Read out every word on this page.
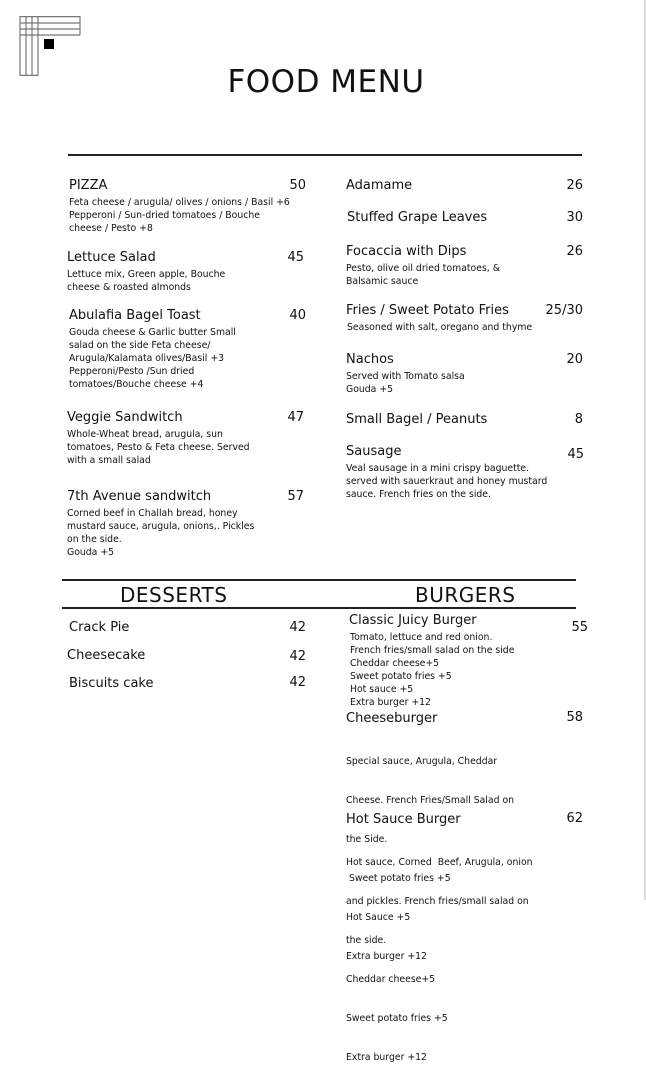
FOOD MENU
PIZZA
Feta cheese / arugula/ olives / onions / Basil +6
Pepperoni / Sun-dried tomatoes / Bouche
cheese / Pesto +8
50
Lettuce Salad
Lettuce mix, Green apple, Bouche
cheese & roasted almonds
45
Abulafia Bagel Toast
Gouda cheese & Garlic butter Small
salad on the side Feta cheese/
Arugula/Kalamata olives/Basil +3
Pepperoni/Pesto /Sun dried
tomatoes/Bouche cheese +4
40
Veggie Sandwitch
Whole-Wheat bread, arugula, sun
tomatoes, Pesto & Feta cheese. Served
with a small salad
47
7th Avenue sandwitch
Corned beef in Challah bread, honey
mustard sauce, arugula, onions,. Pickles
on the side.
Gouda +5
57
Adamame	26
Stuffed Grape Leaves	30
Focaccia with Dips
Pesto, olive oil dried tomatoes, &
Balsamic sauce
26
Fries / Sweet Potato Fries
Seasoned with salt, oregano and thyme
25/30
Nachos
Served with Tomato salsa
Gouda +5
20
Small Bagel / Peanuts	8
Sausage
Veal sausage in a mini crispy baguette.
served with sauerkraut and honey mustard
sauce. French fries on the side.
45
DESSERTS	BURGERS
Crack Pie	42
Cheesecake	42
Biscuits cake	42
Classic Juicy Burger
Tomato, lettuce and red onion.
French fries/small salad on the side
Cheddar cheese+5
Sweet potato fries +5
Hot sauce +5
Extra burger +12
55
Cheeseburger

Special sauce, Arugula, Cheddar

Cheese. French Fries/Small Salad on

the Side.

Sweet potato fries +5

Hot Sauce +5

Extra burger +12

58
Hot Sauce Burger

Hot sauce, Corned  Beef, Arugula, onion

and pickles. French fries/small salad on

the side.

Cheddar cheese+5

Sweet potato fries +5

Extra burger +12

62
